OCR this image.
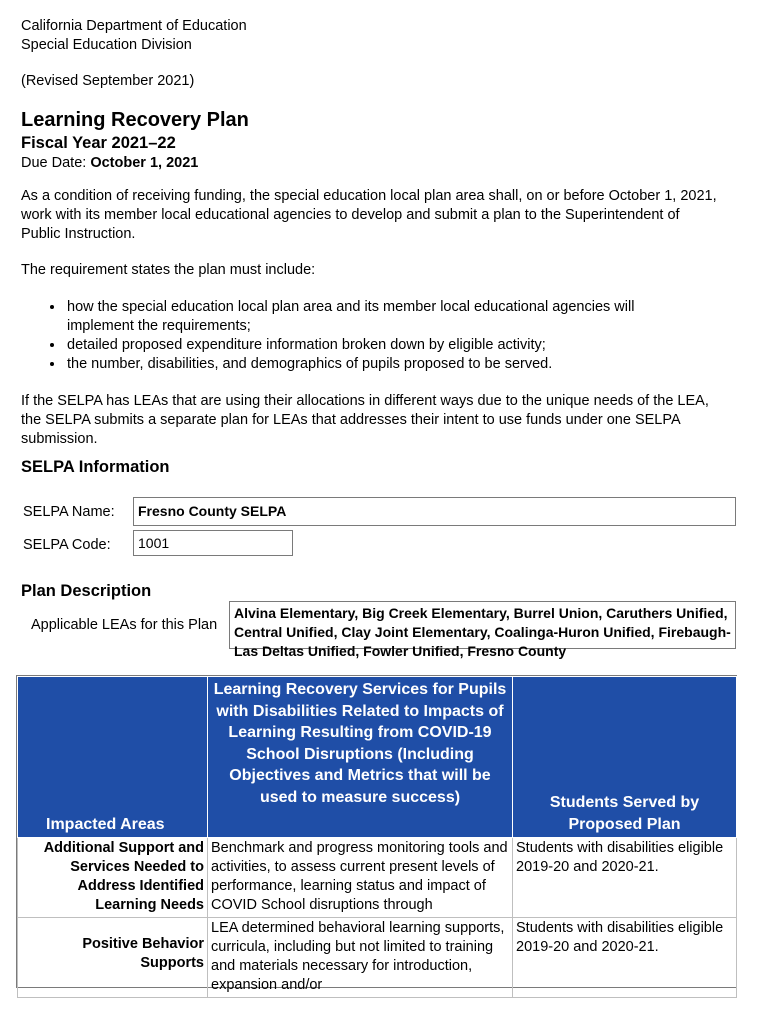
California Department of Education
Special Education Division
(Revised September 2021)
Learning Recovery Plan
Fiscal Year 2021–22
Due Date: October 1, 2021
As a condition of receiving funding, the special education local plan area shall, on or before October 1, 2021, work with its member local educational agencies to develop and submit a plan to the Superintendent of Public Instruction.
The requirement states the plan must include:
• how the special education local plan area and its member local educational agencies will implement the requirements;
• detailed proposed expenditure information broken down by eligible activity;
• the number, disabilities, and demographics of pupils proposed to be served.
If the SELPA has LEAs that are using their allocations in different ways due to the unique needs of the LEA, the SELPA submits a separate plan for LEAs that addresses their intent to use funds under one SELPA submission.
SELPA Information
SELPA Name:	Fresno County SELPA
SELPA Code:	1001
Plan Description
Applicable LEAs for this Plan
Alvina Elementary, Big Creek Elementary, Burrel Union, Caruthers Unified, Central Unified, Clay Joint Elementary, Coalinga-Huron Unified, Firebaugh-Las Deltas Unified, Fowler Unified, Fresno County
Impacted Areas	Learning Recovery Services for Pupils with Disabilities Related to Impacts of Learning Resulting from COVID-19 School Disruptions (Including Objectives and Metrics that will be used to measure success)	Students Served by Proposed Plan
Additional Support and Services Needed to Address Identified Learning Needs	Benchmark and progress monitoring tools and activities, to assess current present levels of performance, learning status and impact of COVID School disruptions through	Students with disabilities eligible 2019-20 and 2020-21.
Positive Behavior Supports	LEA determined behavioral learning supports, curricula, including but not limited to training and materials necessary for introduction, expansion and/or	Students with disabilities eligible 2019-20 and 2020-21.
